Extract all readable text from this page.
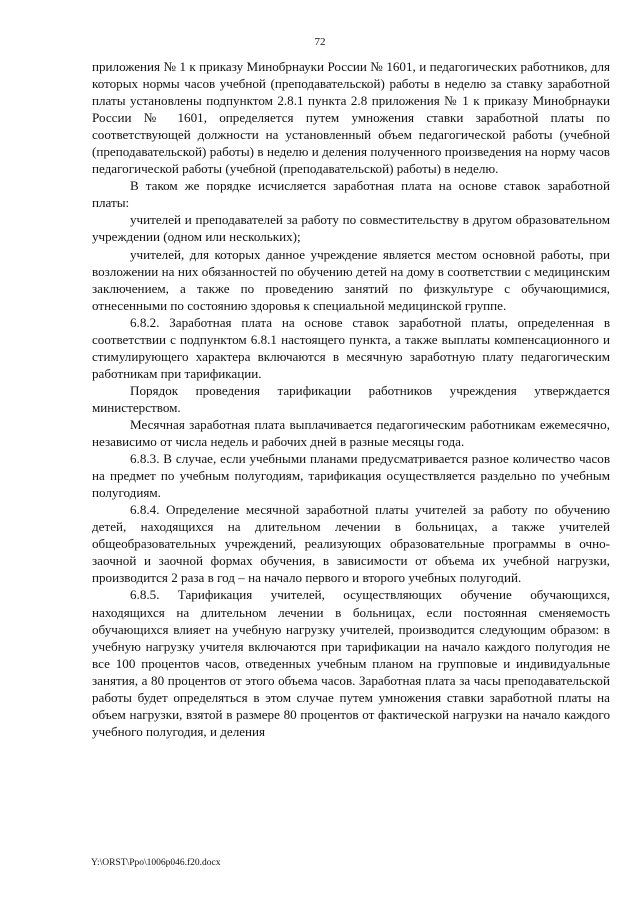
72

приложения № 1 к приказу Минобрнауки России № 1601, и педагогических работников, для которых нормы часов учебной (преподавательской) работы в неделю за ставку заработной платы установлены подпунктом 2.8.1 пункта 2.8 приложения № 1 к приказу Минобрнауки России № 1601, определяется путем умножения ставки заработной платы по соответствующей должности на установленный объем педагогической работы (учебной (преподавательской) работы) в неделю и деления полученного произведения на норму часов педагогической работы (учебной (преподавательской) работы) в неделю.

В таком же порядке исчисляется заработная плата на основе ставок заработной платы:

учителей и преподавателей за работу по совместительству в другом образовательном учреждении (одном или нескольких);

учителей, для которых данное учреждение является местом основной работы, при возложении на них обязанностей по обучению детей на дому в соответствии с медицинским заключением, а также по проведению занятий по физкультуре с обучающимися, отнесенными по состоянию здоровья к специальной медицинской группе.

6.8.2. Заработная плата на основе ставок заработной платы, определенная в соответствии с подпунктом 6.8.1 настоящего пункта, а также выплаты компенсационного и стимулирующего характера включаются в месячную заработную плату педагогическим работникам при тарификации.

Порядок проведения тарификации работников учреждения утверждается министерством.

Месячная заработная плата выплачивается педагогическим работникам ежемесячно, независимо от числа недель и рабочих дней в разные месяцы года.

6.8.3. В случае, если учебными планами предусматривается разное количество часов на предмет по учебным полугодиям, тарификация осуществляется раздельно по учебным полугодиям.

6.8.4. Определение месячной заработной платы учителей за работу по обучению детей, находящихся на длительном лечении в больницах, а также учителей общеобразовательных учреждений, реализующих образовательные программы в очно-заочной и заочной формах обучения, в зависимости от объема их учебной нагрузки, производится 2 раза в год – на начало первого и второго учебных полугодий.

6.8.5. Тарификация учителей, осуществляющих обучение обучающихся, находящихся на длительном лечении в больницах, если постоянная сменяемость обучающихся влияет на учебную нагрузку учителей, производится следующим образом: в учебную нагрузку учителя включаются при тарификации на начало каждого полугодия не все 100 процентов часов, отведенных учебным планом на групповые и индивидуальные занятия, а 80 процентов от этого объема часов. Заработная плата за часы преподавательской работы будет определяться в этом случае путем умножения ставки заработной платы на объем нагрузки, взятой в размере 80 процентов от фактической нагрузки на начало каждого учебного полугодия, и деления

Y:\ORST\Ppo\1006p046.f20.docx
